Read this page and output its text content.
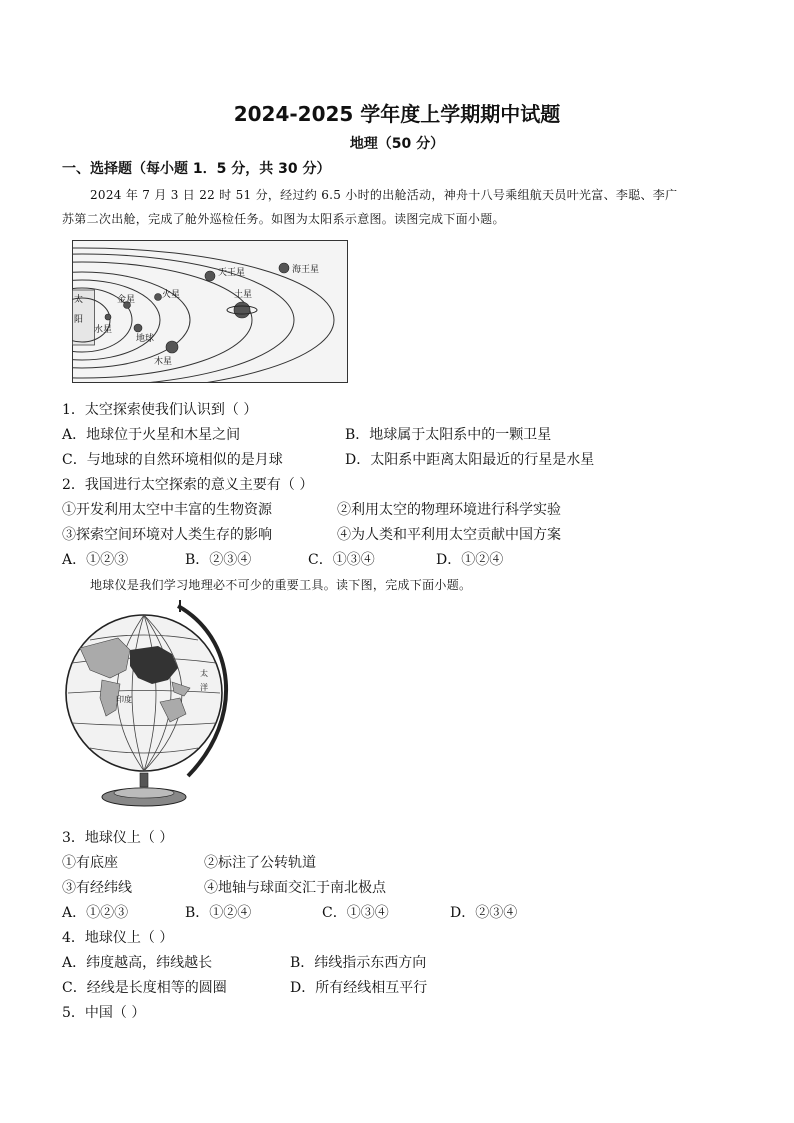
2024-2025 学年度上学期期中试题
地理（50 分）
一、选择题（每小题 1．5 分，共 30 分）
2024 年 7 月 3 日 22 时 51 分，经过约 6.5 小时的出舱活动，神舟十八号乘组航天员叶光富、李聪、李广
苏第二次出舱，完成了舱外巡检任务。如图为太阳系示意图。读图完成下面小题。
太
阳
水星
金星
地球
火星
木星
土星
天王星	海王星
1．太空探索使我们认识到（ ）
A．地球位于火星和木星之间	B．地球属于太阳系中的一颗卫星
C．与地球的自然环境相似的是月球	D．太阳系中距离太阳最近的行星是水星
2．我国进行太空探索的意义主要有（ ）
①开发利用太空中丰富的生物资源	②利用太空的物理环境进行科学实验
③探索空间环境对人类生存的影响	④为人类和平利用太空贡献中国方案
A．①②③	B．②③④	C．①③④	D．①②④
地球仪是我们学习地理必不可少的重要工具。读下图，完成下面小题。
印度
太
洋
3．地球仪上（ ）
①有底座	②标注了公转轨道
③有经纬线	④地轴与球面交汇于南北极点
A．①②③	B．①②④	C．①③④	D．②③④
4．地球仪上（ ）
A．纬度越高，纬线越长	B．纬线指示东西方向
C．经线是长度相等的圆圈	D．所有经线相互平行
5．中国（ ）
